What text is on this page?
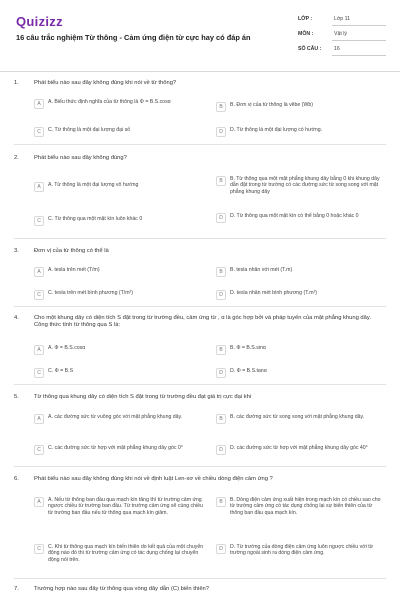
Quizizz
16 câu trắc nghiệm Từ thông - Cảm ứng điện từ cực hay có đáp án
LỚP :	Lớp 11
MÔN :	Vật lý
SỐ CÂU : 16
1.	Phát biểu nào sau đây không đúng khi nói về từ thông?
A	A. Biểu thức định nghĩa của từ thông là Φ = B.S.cosα
B	B. Đơn vị của từ thông là vêbe (Wb)
C	C. Từ thông là một đại lượng đại số	D	D. Từ thông là một đại lượng có hướng.
2.	Phát biểu nào sau đây không đúng?
A	A. Từ thông là một đại lượng vô hướng
B	B. Từ thông qua một mặt phẳng khung dây bằng 0 khi khung dây dẫn đặt trong từ trường có các đường sức từ song song với mặt phẳng khung dây
C	C. Từ thông qua một mặt kín luôn khác 0	D	D. Từ thông qua một mặt kín có thể bằng 0 hoặc khác 0
3.	Đơn vị của từ thông có thể là
A	A. tesla trên mét (T/m)	B	B. tesla nhân với mét (T.m)
C	C. tesla trên mét bình phương (T/m²)	D	D. tesla nhân mét bình phương (T.m²)
4.	Cho một khung dây có diện tích S đặt trong từ trường đều, cảm ứng từ , α là góc hợp bởi và pháp tuyến của mặt phẳng khung dây. Công thức tính từ thông qua S là:
A	A. Φ = B.S.cosα	B	B. Φ = B.S.sinα
C	C. Φ = B.S	D	D. Φ = B.S.tanα
5.	Từ thông qua khung dây có diện tích S đặt trong từ trường đều đạt giá trị cực đại khi
A	A. các đường sức từ vuông góc với mặt phẳng khung dây.	B	B. các đường sức từ song song với mặt phẳng khung dây.
C	C. các đường sức từ hợp với mặt phẳng khung dây góc 0°	D	D. các đường sức từ hợp với mặt phẳng khung dây góc 40°
6.	Phát biểu nào sau đây không đúng khi nói về định luật Len-xơ về chiều dòng điện cảm ứng ?
A	A. Nếu từ thông ban đầu qua mạch kín tăng thì từ trường cảm ứng ngược chiều từ trường ban đầu. Từ trường cảm ứng sẽ cùng chiều từ trường ban đầu nếu từ thông qua mạch kín giảm.
B	B. Dòng điện cảm ứng xuất hiện trong mạch kín có chiều sao cho từ trường cảm ứng có tác dụng chống lại sự biến thiên của từ thông ban đầu qua mạch kín.
C	C. Khi từ thông qua mạch kín biến thiên do kết quả của một chuyển động nào đó thì từ trường cảm ứng có tác dụng chống lại chuyển động nói trên.
D	D. Từ trường của dòng điện cảm ứng luôn ngược chiều với từ trường ngoài sinh ra dòng điện cảm ứng.
7.	Trường hợp nào sau đây từ thông qua vòng dây dẫn (C) biến thiên?
